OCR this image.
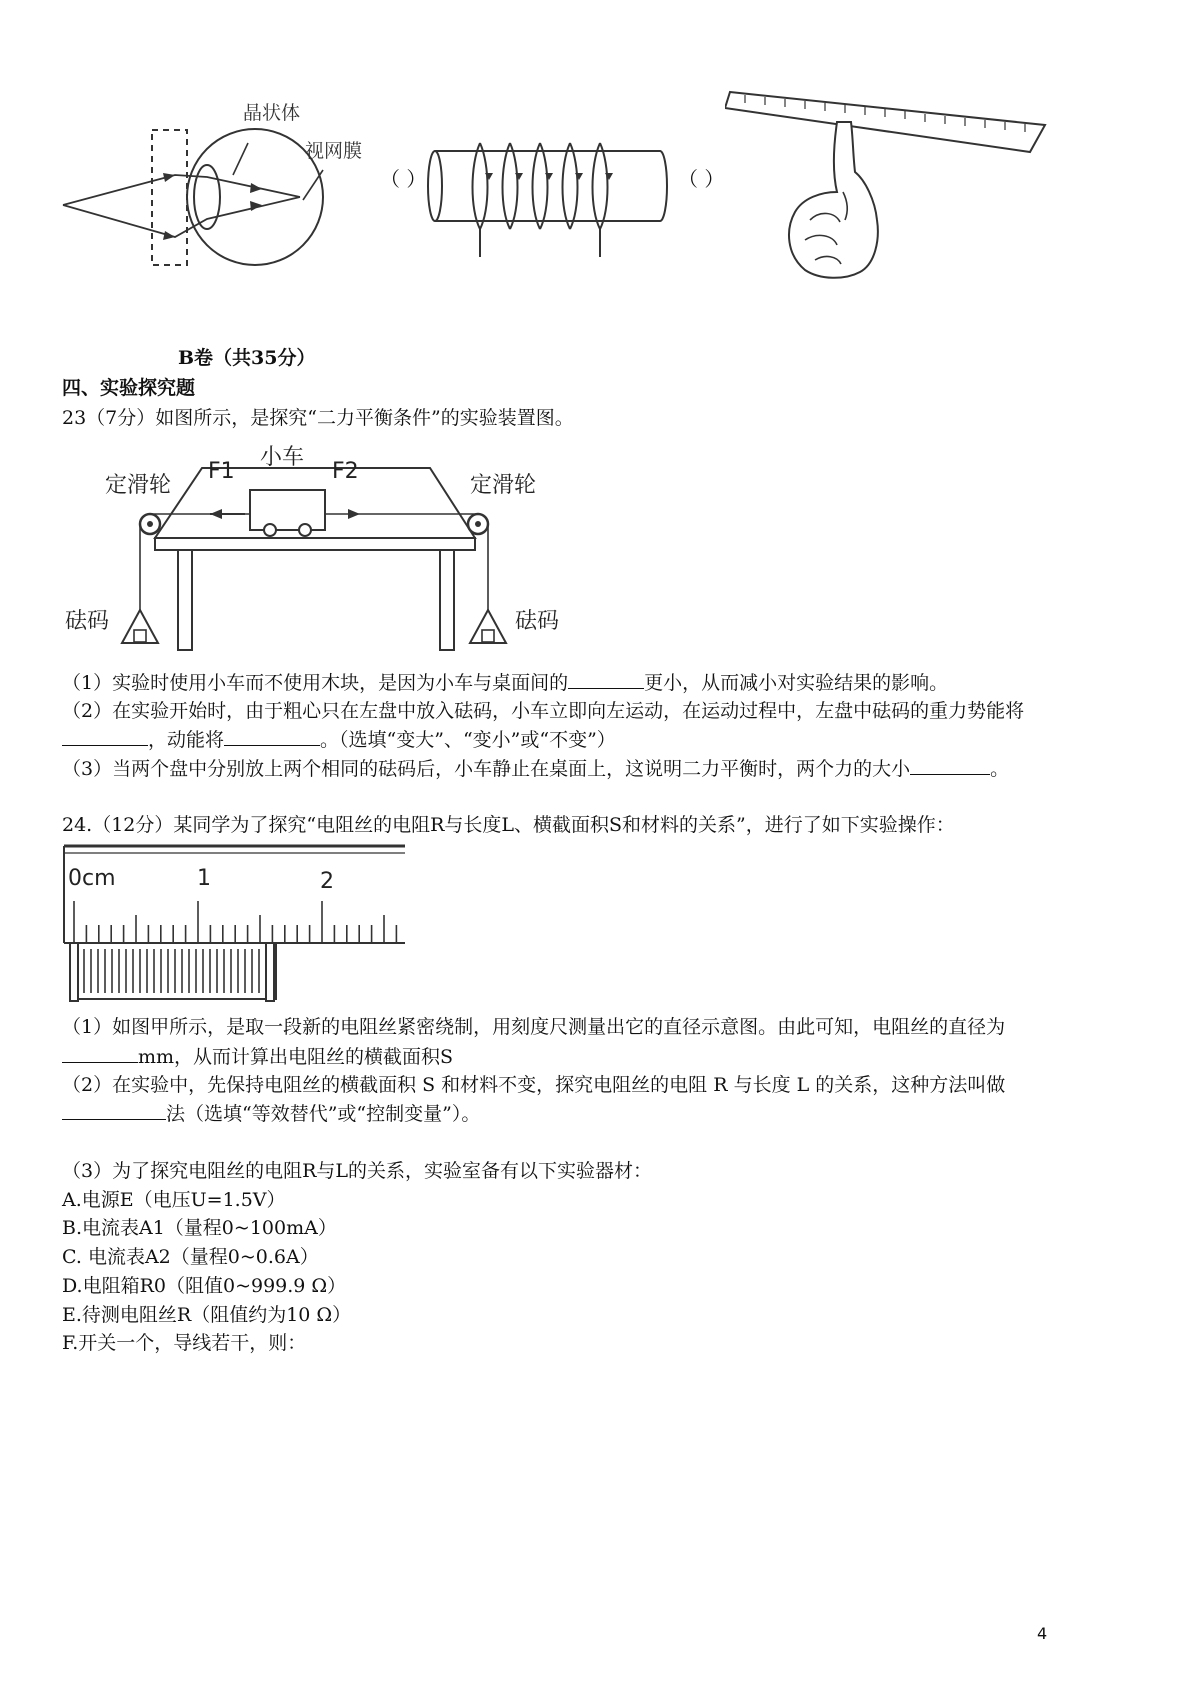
晶状体
视网膜
（ ）	（ ）
B卷（共35分）
四、实验探究题
23（7分）如图所示，是探究“二力平衡条件”的实验装置图。
小车
F1	F2
定滑轮	定滑轮
砝码	砝码
（1）实验时使用小车而不使用木块，是因为小车与桌面间的	更小，从而减小对实验结果的影响。
（2）在实验开始时，由于粗心只在左盘中放入砝码，小车立即向左运动，在运动过程中，左盘中砝码的重力势能将
，动能将	。（选填“变大”、“变小”或“不变”）
（3）当两个盘中分别放上两个相同的砝码后，小车静止在桌面上，这说明二力平衡时，两个力的大小	。
24.（12分）某同学为了探究“电阻丝的电阻R与长度L、横截面积S和材料的关系”，进行了如下实验操作：
0cm	1	2
（1）如图甲所示，是取一段新的电阻丝紧密绕制，用刻度尺测量出它的直径示意图。由此可知，电阻丝的直径为
mm，从而计算出电阻丝的横截面积S
（2）在实验中，先保持电阻丝的横截面积 S 和材料不变，探究电阻丝的电阻 R 与长度 L 的关系，这种方法叫做
法（选填“等效替代”或“控制变量”）。
（3）为了探究电阻丝的电阻R与L的关系，实验室备有以下实验器材：
A.电源E（电压U=1.5V）
B.电流表A1（量程0~100mA）
C. 电流表A2（量程0~0.6A）
D.电阻箱R0（阻值0~999.9 Ω）
E.待测电阻丝R（阻值约为10 Ω）
F.开关一个，导线若干，则：
4
